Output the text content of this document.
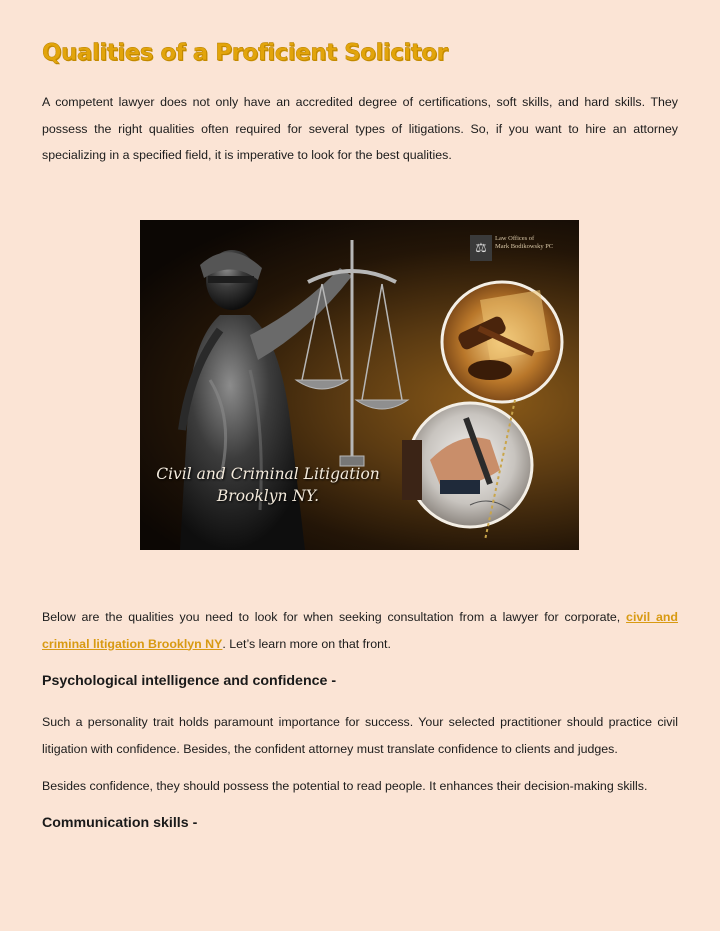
Qualities of a Proficient Solicitor

A competent lawyer does not only have an accredited degree of certifications, soft skills, and hard skills. They possess the right qualities often required for several types of litigations. So, if you want to hire an attorney specializing in a specified field, it is imperative to look for the best qualities.

⚖
Law Offices of
Mark Bodikowsky PC
Civil and Criminal Litigation
Brooklyn NY.

Below are the qualities you need to look for when seeking consultation from a lawyer for corporate, civil and criminal litigation Brooklyn NY. Let’s learn more on that front.

Psychological intelligence and confidence -

Such a personality trait holds paramount importance for success. Your selected practitioner should practice civil litigation with confidence. Besides, the confident attorney must translate confidence to clients and judges.

Besides confidence, they should possess the potential to read people. It enhances their decision-making skills.

Communication skills -
